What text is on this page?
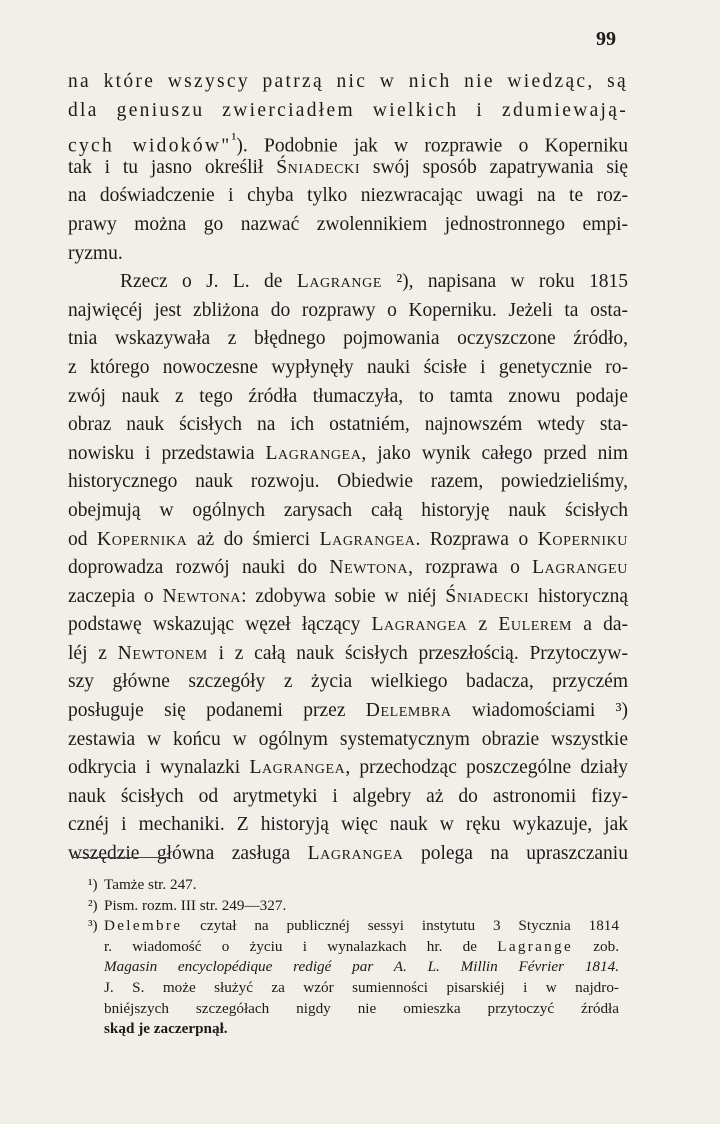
99
na które wszyscy patrzą nic w nich nie wiedząc, są
dla geniuszu zwierciadłem wielkich i zdumiewają-
cych widoków"$^{^1}$). Podobnie jak w rozprawie o Koperniku
tak i tu jasno określił Śniadecki swój sposób zapatrywania się
na doświadczenie i chyba tylko niezwracając uwagi na te roz-
prawy można go nazwać zwolennikiem jednostronnego empi-
ryzmu.
Rzecz o J. L. de Lagrange ²), napisana w roku 1815
najwięcéj jest zbliżona do rozprawy o Koperniku. Jeżeli ta osta-
tnia wskazywała z błędnego pojmowania oczyszczone źródło,
z którego nowoczesne wypłynęły nauki ścisłe i genetycznie ro-
zwój nauk z tego źródła tłumaczyła, to tamta znowu podaje
obraz nauk ścisłych na ich ostatniém, najnowszém wtedy sta-
nowisku i przedstawia Lagrangea, jako wynik całego przed nim
historycznego nauk rozwoju. Obiedwie razem, powiedzieliśmy,
obejmują w ogólnych zarysach całą historyję nauk ścisłych
od Kopernika aż do śmierci Lagrangea. Rozprawa o Koperniku
doprowadza rozwój nauki do Newtona, rozprawa o Lagrangeu
zaczepia o Newtona: zdobywa sobie w niéj Śniadecki historyczną
podstawę wskazując węzeł łączący Lagrangea z Eulerem a da-
léj z Newtonem i z całą nauk ścisłych przeszłością. Przytoczyw-
szy główne szczegóły z życia wielkiego badacza, przyczém
posługuje się podanemi przez Delembra wiadomościami ³)
zestawia w końcu w ogólnym systematycznym obrazie wszystkie
odkrycia i wynalazki Lagrangea, przechodząc poszczególne działy
nauk ścisłych od arytmetyki i algebry aż do astronomii fizy-
cznéj i mechaniki. Z historyją więc nauk w ręku wykazuje, jak
wszędzie główna zasługa Lagrangea polega na upraszczaniu
¹) Tamże str. 247.
²) Pism. rozm. III str. 249—327.
³) Delembre czytał na publicznéj sessyi instytutu 3 Stycznia 1814
r. wiadomość o życiu i wynalazkach hr. de Lagrange zob.
Magasin encyclopédique redigé par A. L. Millin Février 1814.
J. S. może służyć za wzór sumienności pisarskiéj i w najdro-
bniéjszych szczegółach nigdy nie omieszka przytoczyć źródła
skąd je zaczerpnął.
